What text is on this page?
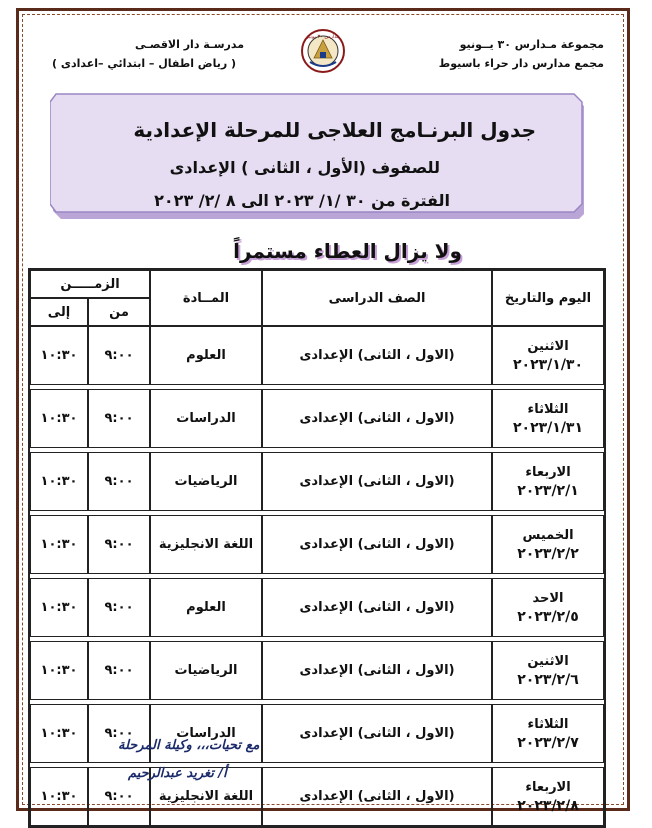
مجموعة مـدارس ٣٠ يــونيو
مجمع مدارس دار حراء باسيوط
مدرسـة دار الاقصـى
( رياض اطفال – ابتدائي –اعدادى )
مدارس ٣٠ يونيو
جدول البرنـامج العلاجى للمرحلة الإعدادية
للصفوف (الأول ، الثانى ) الإعدادى
الفترة من ٣٠ /١/ ٢٠٢٣ الى ٨ /٢/ ٢٠٢٣
ولا يزال العطاء مستمراً
اليوم والتاريخ	الصف الدراسى	المــادة	الزمـــــن	
			من	إلى

الاثنين
٢٠٢٣/١/٣٠	(الاول ، الثانى) الإعدادى	العلوم	٩:٠٠	١٠:٣٠

الثلاثاء
٢٠٢٣/١/٣١	(الاول ، الثانى) الإعدادى	الدراسات	٩:٠٠	١٠:٣٠

الاربعاء
٢٠٢٣/٢/١	(الاول ، الثانى) الإعدادى	الرياضيات	٩:٠٠	١٠:٣٠

الخميس
٢٠٢٣/٢/٢	(الاول ، الثانى) الإعدادى	اللغة الانجليزية	٩:٠٠	١٠:٣٠

الاحد
٢٠٢٣/٢/٥	(الاول ، الثانى) الإعدادى	العلوم	٩:٠٠	١٠:٣٠

الاثنين
٢٠٢٣/٢/٦	(الاول ، الثانى) الإعدادى	الرياضيات	٩:٠٠	١٠:٣٠

الثلاثاء
٢٠٢٣/٢/٧	(الاول ، الثانى) الإعدادى	الدراسات	٩:٠٠	١٠:٣٠

الاربعاء
٢٠٢٣/٢/٨	(الاول ، الثانى) الإعدادى	اللغة الانجليزية	٩:٠٠	١٠:٣٠
مع تحيات،،، وكيلة المرحلة
أ/ تغريد عبدالرحيم
